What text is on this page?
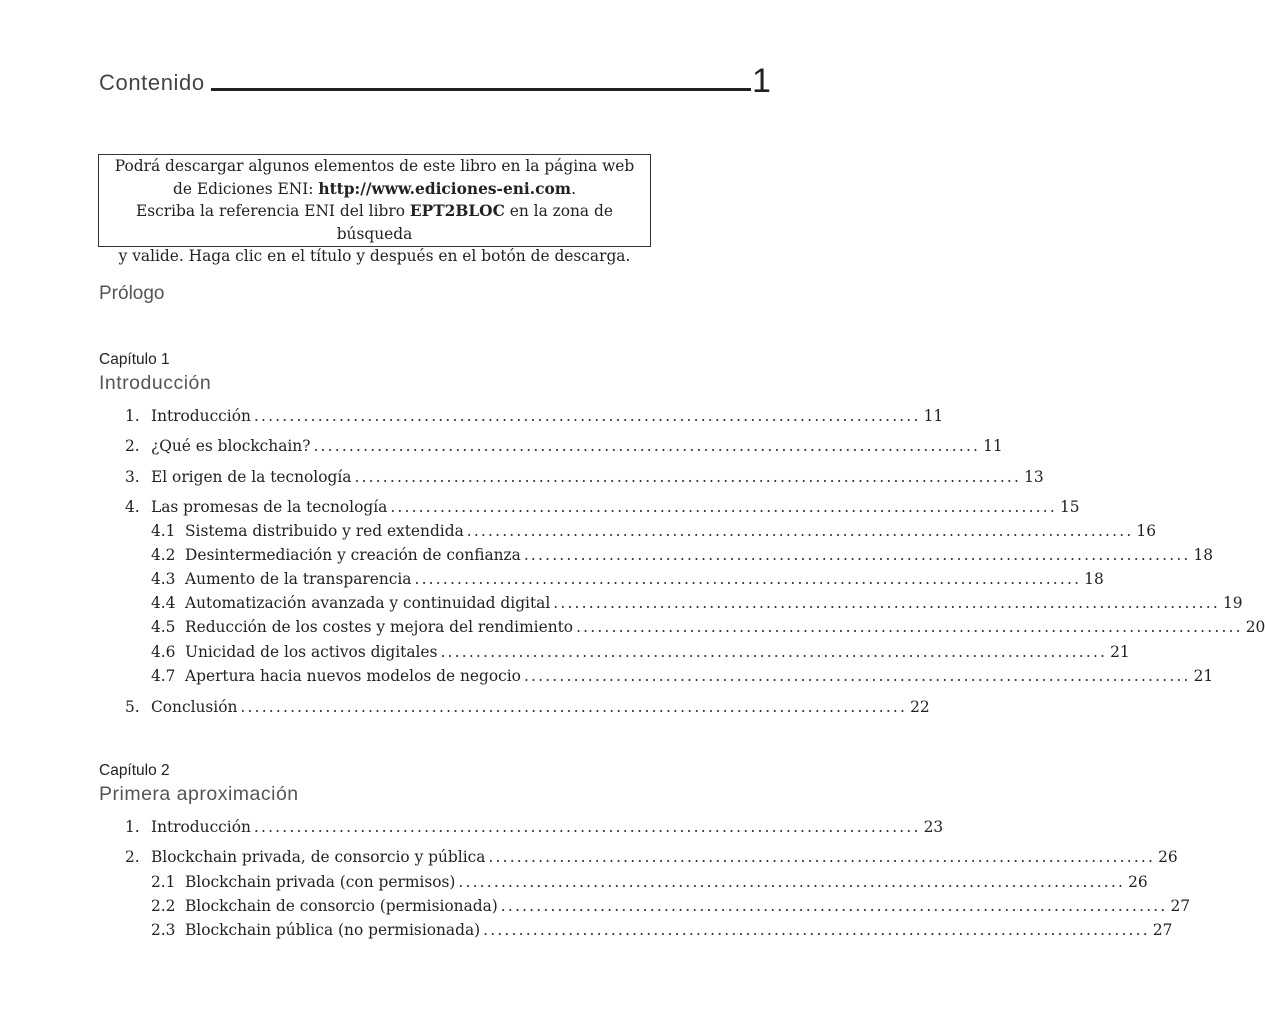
Contenido	1
Podrá descargar algunos elementos de este libro en la página web
de Ediciones ENI: http://www.ediciones-eni.com.
Escriba la referencia ENI del libro EPT2BLOC en la zona de búsqueda
y valide. Haga clic en el título y después en el botón de descarga.
Prólogo
Capítulo 1
Introducción
1. Introducción .............................................................................................. 11
2. ¿Qué es blockchain? .............................................................................................. 11
3. El origen de la tecnología .............................................................................................. 13
4. Las promesas de la tecnología .............................................................................................. 15
4.1 Sistema distribuido y red extendida .............................................................................................. 16
4.2 Desintermediación y creación de confianza .............................................................................................. 18
4.3 Aumento de la transparencia .............................................................................................. 18
4.4 Automatización avanzada y continuidad digital .............................................................................................. 19
4.5 Reducción de los costes y mejora del rendimiento .............................................................................................. 20
4.6 Unicidad de los activos digitales .............................................................................................. 21
4.7 Apertura hacia nuevos modelos de negocio .............................................................................................. 21
5. Conclusión .............................................................................................. 22
Capítulo 2
Primera aproximación
1. Introducción .............................................................................................. 23
2. Blockchain privada, de consorcio y pública .............................................................................................. 26
2.1 Blockchain privada (con permisos) .............................................................................................. 26
2.2 Blockchain de consorcio (permisionada) .............................................................................................. 27
2.3 Blockchain pública (no permisionada) .............................................................................................. 27
